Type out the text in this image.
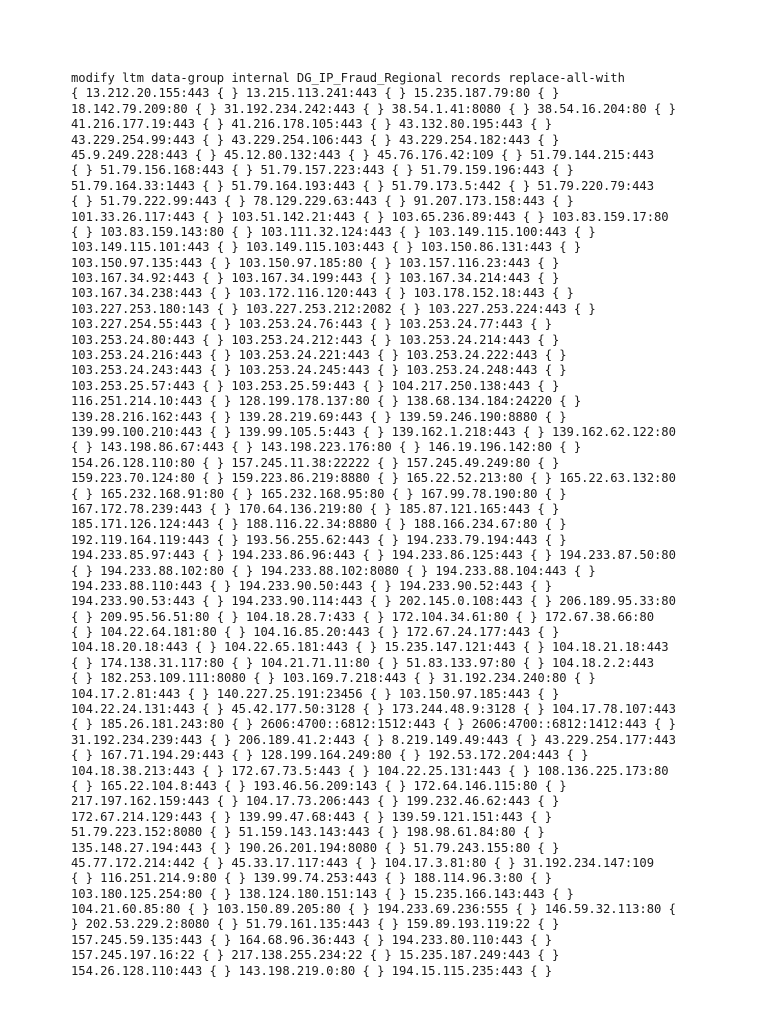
modify ltm data-group internal DG_IP_Fraud_Regional records replace-all-with
{ 13.212.20.155:443 { } 13.215.113.241:443 { } 15.235.187.79:80 { }
18.142.79.209:80 { } 31.192.234.242:443 { } 38.54.1.41:8080 { } 38.54.16.204:80 { }
41.216.177.19:443 { } 41.216.178.105:443 { } 43.132.80.195:443 { }
43.229.254.99:443 { } 43.229.254.106:443 { } 43.229.254.182:443 { }
45.9.249.228:443 { } 45.12.80.132:443 { } 45.76.176.42:109 { } 51.79.144.215:443
{ } 51.79.156.168:443 { } 51.79.157.223:443 { } 51.79.159.196:443 { }
51.79.164.33:1443 { } 51.79.164.193:443 { } 51.79.173.5:442 { } 51.79.220.79:443
{ } 51.79.222.99:443 { } 78.129.229.63:443 { } 91.207.173.158:443 { }
101.33.26.117:443 { } 103.51.142.21:443 { } 103.65.236.89:443 { } 103.83.159.17:80
{ } 103.83.159.143:80 { } 103.111.32.124:443 { } 103.149.115.100:443 { }
103.149.115.101:443 { } 103.149.115.103:443 { } 103.150.86.131:443 { }
103.150.97.135:443 { } 103.150.97.185:80 { } 103.157.116.23:443 { }
103.167.34.92:443 { } 103.167.34.199:443 { } 103.167.34.214:443 { }
103.167.34.238:443 { } 103.172.116.120:443 { } 103.178.152.18:443 { }
103.227.253.180:143 { } 103.227.253.212:2082 { } 103.227.253.224:443 { }
103.227.254.55:443 { } 103.253.24.76:443 { } 103.253.24.77:443 { }
103.253.24.80:443 { } 103.253.24.212:443 { } 103.253.24.214:443 { }
103.253.24.216:443 { } 103.253.24.221:443 { } 103.253.24.222:443 { }
103.253.24.243:443 { } 103.253.24.245:443 { } 103.253.24.248:443 { }
103.253.25.57:443 { } 103.253.25.59:443 { } 104.217.250.138:443 { }
116.251.214.10:443 { } 128.199.178.137:80 { } 138.68.134.184:24220 { }
139.28.216.162:443 { } 139.28.219.69:443 { } 139.59.246.190:8880 { }
139.99.100.210:443 { } 139.99.105.5:443 { } 139.162.1.218:443 { } 139.162.62.122:80
{ } 143.198.86.67:443 { } 143.198.223.176:80 { } 146.19.196.142:80 { }
154.26.128.110:80 { } 157.245.11.38:22222 { } 157.245.49.249:80 { }
159.223.70.124:80 { } 159.223.86.219:8880 { } 165.22.52.213:80 { } 165.22.63.132:80
{ } 165.232.168.91:80 { } 165.232.168.95:80 { } 167.99.78.190:80 { }
167.172.78.239:443 { } 170.64.136.219:80 { } 185.87.121.165:443 { }
185.171.126.124:443 { } 188.116.22.34:8880 { } 188.166.234.67:80 { }
192.119.164.119:443 { } 193.56.255.62:443 { } 194.233.79.194:443 { }
194.233.85.97:443 { } 194.233.86.96:443 { } 194.233.86.125:443 { } 194.233.87.50:80
{ } 194.233.88.102:80 { } 194.233.88.102:8080 { } 194.233.88.104:443 { }
194.233.88.110:443 { } 194.233.90.50:443 { } 194.233.90.52:443 { }
194.233.90.53:443 { } 194.233.90.114:443 { } 202.145.0.108:443 { } 206.189.95.33:80
{ } 209.95.56.51:80 { } 104.18.28.7:433 { } 172.104.34.61:80 { } 172.67.38.66:80
{ } 104.22.64.181:80 { } 104.16.85.20:443 { } 172.67.24.177:443 { }
104.18.20.18:443 { } 104.22.65.181:443 { } 15.235.147.121:443 { } 104.18.21.18:443
{ } 174.138.31.117:80 { } 104.21.71.11:80 { } 51.83.133.97:80 { } 104.18.2.2:443
{ } 182.253.109.111:8080 { } 103.169.7.218:443 { } 31.192.234.240:80 { }
104.17.2.81:443 { } 140.227.25.191:23456 { } 103.150.97.185:443 { }
104.22.24.131:443 { } 45.42.177.50:3128 { } 173.244.48.9:3128 { } 104.17.78.107:443
{ } 185.26.181.243:80 { } 2606:4700::6812:1512:443 { } 2606:4700::6812:1412:443 { }
31.192.234.239:443 { } 206.189.41.2:443 { } 8.219.149.49:443 { } 43.229.254.177:443
{ } 167.71.194.29:443 { } 128.199.164.249:80 { } 192.53.172.204:443 { }
104.18.38.213:443 { } 172.67.73.5:443 { } 104.22.25.131:443 { } 108.136.225.173:80
{ } 165.22.104.8:443 { } 193.46.56.209:143 { } 172.64.146.115:80 { }
217.197.162.159:443 { } 104.17.73.206:443 { } 199.232.46.62:443 { }
172.67.214.129:443 { } 139.99.47.68:443 { } 139.59.121.151:443 { }
51.79.223.152:8080 { } 51.159.143.143:443 { } 198.98.61.84:80 { }
135.148.27.194:443 { } 190.26.201.194:8080 { } 51.79.243.155:80 { }
45.77.172.214:442 { } 45.33.17.117:443 { } 104.17.3.81:80 { } 31.192.234.147:109
{ } 116.251.214.9:80 { } 139.99.74.253:443 { } 188.114.96.3:80 { }
103.180.125.254:80 { } 138.124.180.151:143 { } 15.235.166.143:443 { }
104.21.60.85:80 { } 103.150.89.205:80 { } 194.233.69.236:555 { } 146.59.32.113:80 {
} 202.53.229.2:8080 { } 51.79.161.135:443 { } 159.89.193.119:22 { }
157.245.59.135:443 { } 164.68.96.36:443 { } 194.233.80.110:443 { }
157.245.197.16:22 { } 217.138.255.234:22 { } 15.235.187.249:443 { }
154.26.128.110:443 { } 143.198.219.0:80 { } 194.15.115.235:443 { }
